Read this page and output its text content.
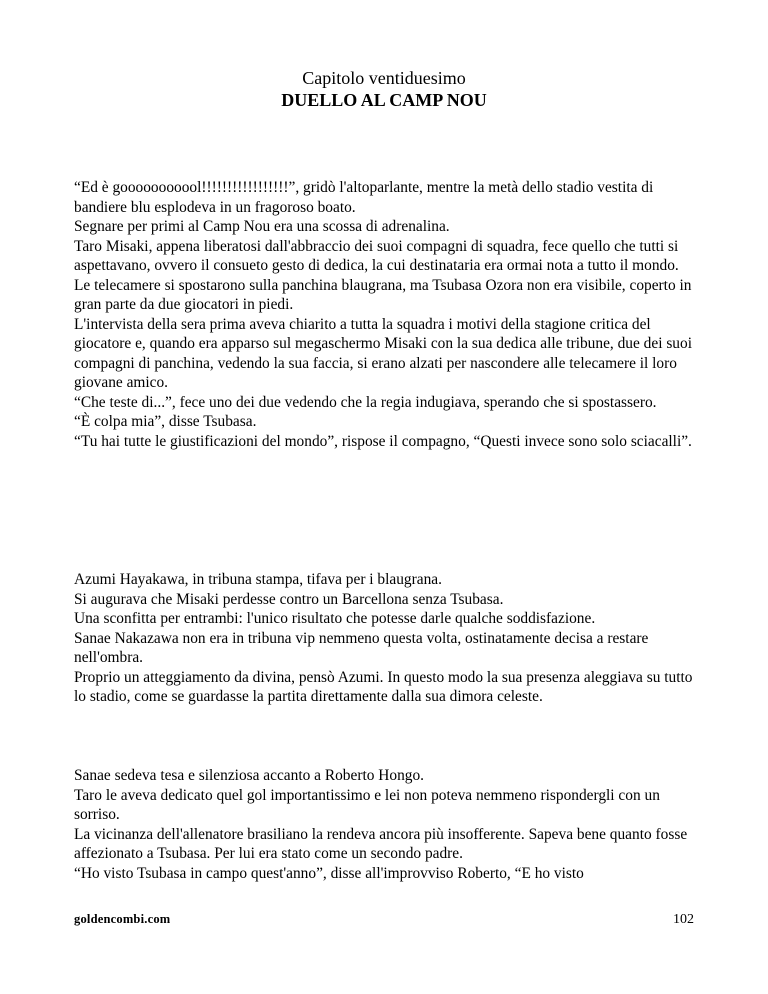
Capitolo ventiduesimo
DUELLO AL CAMP NOU

“Ed è gooooooooool!!!!!!!!!!!!!!!!!”, gridò l'altoparlante, mentre la metà dello stadio vestita di bandiere blu esplodeva in un fragoroso boato.

Segnare per primi al Camp Nou era una scossa di adrenalina.

Taro Misaki, appena liberatosi dall'abbraccio dei suoi compagni di squadra, fece quello che tutti si aspettavano, ovvero il consueto gesto di dedica, la cui destinataria era ormai nota a tutto il mondo.

Le telecamere si spostarono sulla panchina blaugrana, ma Tsubasa Ozora non era visibile, coperto in gran parte da due giocatori in piedi.

L'intervista della sera prima aveva chiarito a tutta la squadra i motivi della stagione critica del giocatore e, quando era apparso sul megaschermo Misaki con la sua dedica alle tribune, due dei suoi compagni di panchina, vedendo la sua faccia, si erano alzati per nascondere alle telecamere il loro giovane amico.

“Che teste di...”, fece uno dei due vedendo che la regia indugiava, sperando che si spostassero.

“È colpa mia”, disse Tsubasa.

“Tu hai tutte le giustificazioni del mondo”, rispose il compagno, “Questi invece sono solo sciacalli”.

Azumi Hayakawa, in tribuna stampa, tifava per i blaugrana.

Si augurava che Misaki perdesse contro un Barcellona senza Tsubasa.

Una sconfitta per entrambi: l'unico risultato che potesse darle qualche soddisfazione.

Sanae Nakazawa non era in tribuna vip nemmeno questa volta, ostinatamente decisa a restare nell'ombra.

Proprio un atteggiamento da divina, pensò Azumi. In questo modo la sua presenza aleggiava su tutto lo stadio, come se guardasse la partita direttamente dalla sua dimora celeste.

Sanae sedeva tesa e silenziosa accanto a Roberto Hongo.

Taro le aveva dedicato quel gol importantissimo e lei non poteva nemmeno rispondergli con un sorriso.

La vicinanza dell'allenatore brasiliano la rendeva ancora più insofferente. Sapeva bene quanto fosse affezionato a Tsubasa. Per lui era stato come un secondo padre.

“Ho visto Tsubasa in campo quest'anno”, disse all'improvviso Roberto, “E ho visto

goldencombi.com	102
